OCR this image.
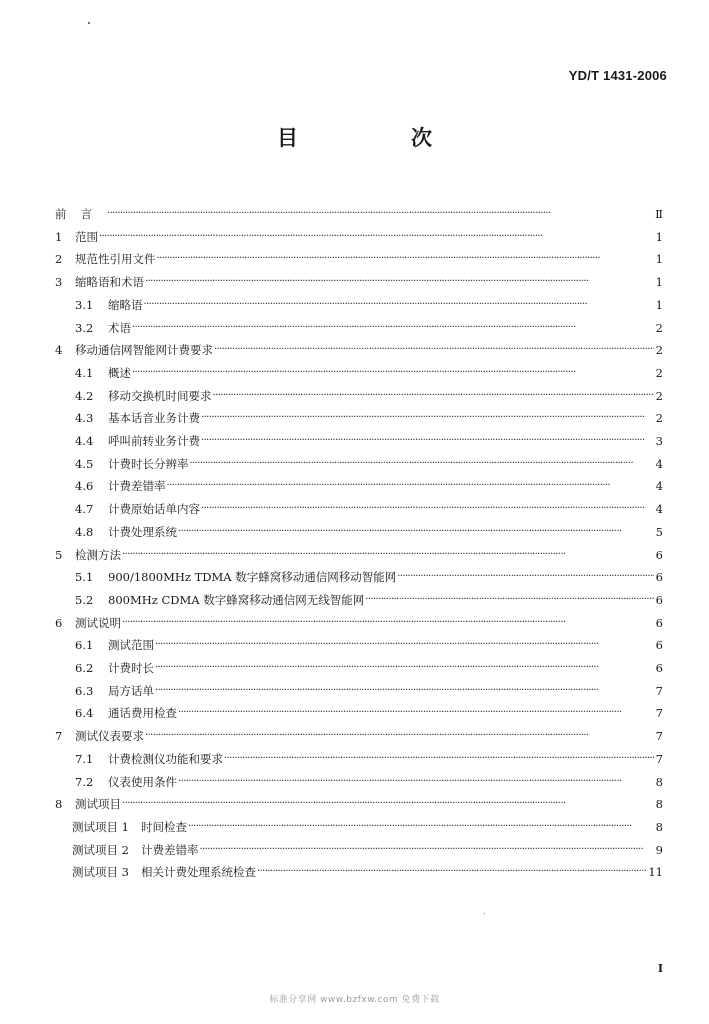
YD/T 1431-2006
目　次
前言 ·····	Ⅱ
1	范围 ·····	1
2	规范性引用文件 ·····	1
3	缩略语和术语 ·····	1
3.1	缩略语 ·····	1
3.2	术语 ·····	2
4	移动通信网智能网计费要求 ·····	2
4.1	概述 ·····	2
4.2	移动交换机时间要求 ·····	2
4.3	基本话音业务计费 ·····	2
4.4	呼叫前转业务计费 ·····	3
4.5	计费时长分辨率 ·····	4
4.6	计费差错率 ·····	4
4.7	计费原始话单内容 ·····	4
4.8	计费处理系统 ·····	5
5	检测方法 ·····	6
5.1	900/1800MHz TDMA 数字蜂窝移动通信网移动智能网 ·····	6
5.2	800MHz CDMA 数字蜂窝移动通信网无线智能网 ·····	6
6	测试说明 ·····	6
6.1	测试范围 ·····	6
6.2	计费时长 ·····	6
6.3	局方话单 ·····	7
6.4	通话费用检查 ·····	7
7	测试仪表要求 ·····	7
7.1	计费检测仪功能和要求 ·····	7
7.2	仪表使用条件 ·····	8
8	测试项目 ·····	8
测试项目 1 时间检查 ·····	8
测试项目 2 计费差错率 ·····	9
测试项目 3 相关计费处理系统检查 ·····	11
I
标准分享网 www.bzfxw.com 免费下载
